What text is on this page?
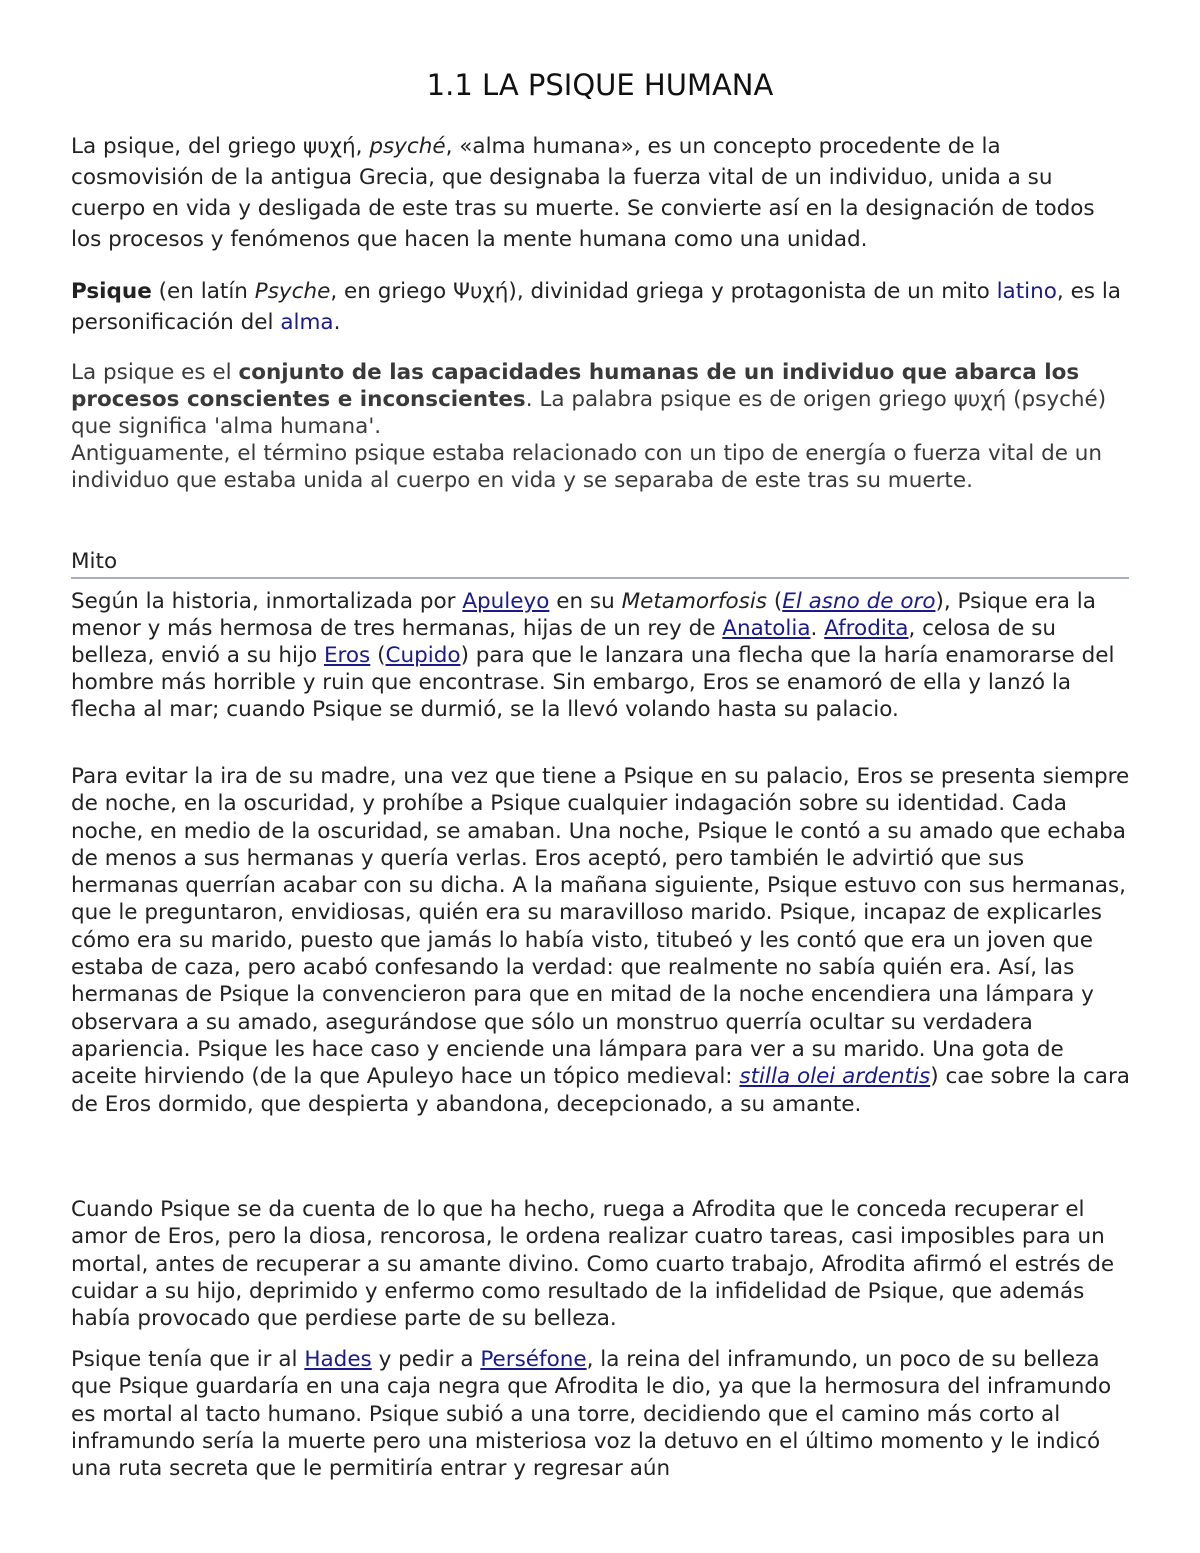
1.1 LA PSIQUE HUMANA

La psique, del griego ψυχή, psyché, «alma humana», es un concepto procedente de la cosmovisión de la antigua Grecia, que designaba la fuerza vital de un individuo, unida a su cuerpo en vida y desligada de este tras su muerte. Se convierte así en la designación de todos los procesos y fenómenos que hacen la mente humana como una unidad.

Psique (en latín Psyche, en griego Ψυχή), divinidad griega y protagonista de un mito latino, es la personificación del alma.

La psique es el conjunto de las capacidades humanas de un individuo que abarca los procesos conscientes e inconscientes. La palabra psique es de origen griego ψυχή (psyché) que significa 'alma humana'.
Antiguamente, el término psique estaba relacionado con un tipo de energía o fuerza vital de un individuo que estaba unida al cuerpo en vida y se separaba de este tras su muerte.
Mito

Según la historia, inmortalizada por Apuleyo en su Metamorfosis (El asno de oro), Psique era la menor y más hermosa de tres hermanas, hijas de un rey de Anatolia. Afrodita, celosa de su belleza, envió a su hijo Eros (Cupido) para que le lanzara una flecha que la haría enamorarse del hombre más horrible y ruin que encontrase. Sin embargo, Eros se enamoró de ella y lanzó la flecha al mar; cuando Psique se durmió, se la llevó volando hasta su palacio.

Para evitar la ira de su madre, una vez que tiene a Psique en su palacio, Eros se presenta siempre de noche, en la oscuridad, y prohíbe a Psique cualquier indagación sobre su identidad. Cada noche, en medio de la oscuridad, se amaban. Una noche, Psique le contó a su amado que echaba de menos a sus hermanas y quería verlas. Eros aceptó, pero también le advirtió que sus hermanas querrían acabar con su dicha. A la mañana siguiente, Psique estuvo con sus hermanas, que le preguntaron, envidiosas, quién era su maravilloso marido. Psique, incapaz de explicarles cómo era su marido, puesto que jamás lo había visto, titubeó y les contó que era un joven que estaba de caza, pero acabó confesando la verdad: que realmente no sabía quién era. Así, las hermanas de Psique la convencieron para que en mitad de la noche encendiera una lámpara y observara a su amado, asegurándose que sólo un monstruo querría ocultar su verdadera apariencia. Psique les hace caso y enciende una lámpara para ver a su marido. Una gota de aceite hirviendo (de la que Apuleyo hace un tópico medieval: stilla olei ardentis) cae sobre la cara de Eros dormido, que despierta y abandona, decepcionado, a su amante.

Cuando Psique se da cuenta de lo que ha hecho, ruega a Afrodita que le conceda recuperar el amor de Eros, pero la diosa, rencorosa, le ordena realizar cuatro tareas, casi imposibles para un mortal, antes de recuperar a su amante divino. Como cuarto trabajo, Afrodita afirmó el estrés de cuidar a su hijo, deprimido y enfermo como resultado de la infidelidad de Psique, que además había provocado que perdiese parte de su belleza.

Psique tenía que ir al Hades y pedir a Perséfone, la reina del inframundo, un poco de su belleza que Psique guardaría en una caja negra que Afrodita le dio, ya que la hermosura del inframundo es mortal al tacto humano. Psique subió a una torre, decidiendo que el camino más corto al inframundo sería la muerte pero una misteriosa voz la detuvo en el último momento y le indicó una ruta secreta que le permitiría entrar y regresar aún
